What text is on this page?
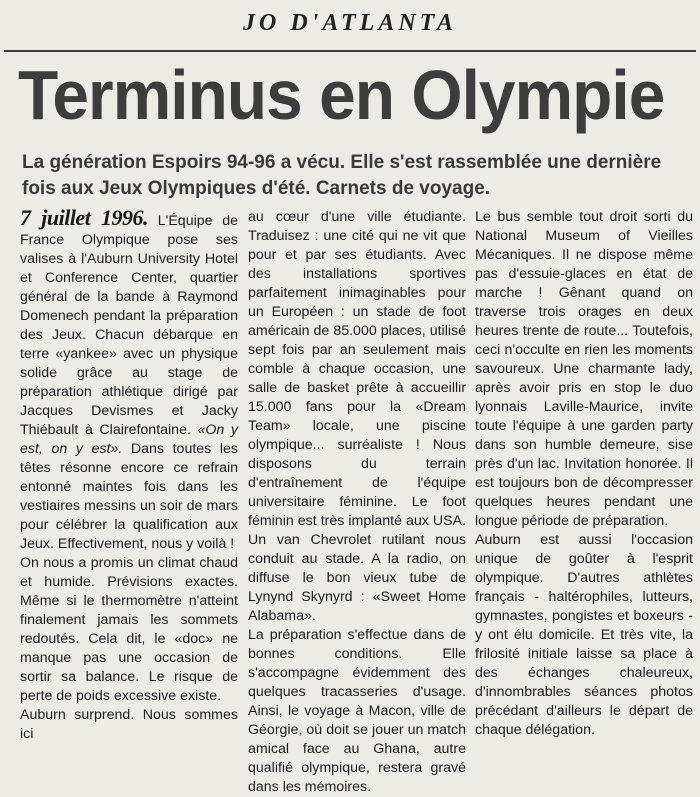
JO D'ATLANTA
Terminus en Olympie
La génération Espoirs 94-96 a vécu. Elle s'est rassemblée une dernière fois aux Jeux Olympiques d'été. Carnets de voyage.

7 juillet 1996. L'Équipe de France Olympique pose ses valises à l'Auburn University Hotel et Conference Center, quartier général de la bande à Raymond Domenech pendant la préparation des Jeux. Chacun débarque en terre «yankee» avec un physique solide grâce au stage de préparation athlétique dirigé par Jacques Devismes et Jacky Thiébault à Clairefontaine. «On y est, on y est». Dans toutes les têtes résonne encore ce refrain entonné maintes fois dans les vestiaires messins un soir de mars pour célébrer la qualification aux Jeux. Effectivement, nous y voilà !

On nous a promis un climat chaud et humide. Prévisions exactes. Même si le thermomètre n'atteint finalement jamais les sommets redoutés. Cela dit, le «doc» ne manque pas une occasion de sortir sa balance. Le risque de perte de poids excessive existe.

Auburn surprend. Nous sommes ici

au cœur d'une ville étudiante. Traduisez : une cité qui ne vit que pour et par ses étudiants. Avec des installations sportives parfaitement inimaginables pour un Européen : un stade de foot américain de 85.000 places, utilisé sept fois par an seulement mais comble à chaque occasion, une salle de basket prête à accueillir 15.000 fans pour la «Dream Team» locale, une piscine olympique... surréaliste ! Nous disposons du terrain d'entraînement de l'équipe universitaire féminine. Le foot féminin est très implanté aux USA. Un van Chevrolet rutilant nous conduit au stade. A la radio, on diffuse le bon vieux tube de Lynynd Skynyrd : «Sweet Home Alabama».

La préparation s'effectue dans de bonnes conditions. Elle s'accompagne évidemment des quelques tracasseries d'usage. Ainsi, le voyage à Macon, ville de Géorgie, où doit se jouer un match amical face au Ghana, autre qualifié olympique, restera gravé dans les mémoires.

Le bus semble tout droit sorti du National Museum of Vieilles Mécaniques. Il ne dispose même pas d'essuie-glaces en état de marche ! Gênant quand on traverse trois orages en deux heures trente de route... Toutefois, ceci n'occulte en rien les moments savoureux. Une charmante lady, après avoir pris en stop le duo lyonnais Laville-Maurice, invite toute l'équipe à une garden party dans son humble demeure, sise près d'un lac. Invitation honorée. Il est toujours bon de décompresser quelques heures pendant une longue période de préparation.

Auburn est aussi l'occasion unique de goûter à l'esprit olympique. D'autres athlètes français - haltérophiles, lutteurs, gymnastes, pongistes et boxeurs - y ont élu domicile. Et très vite, la frilosité initiale laisse sa place à des échanges chaleureux, d'innombrables séances photos précédant d'ailleurs le départ de chaque délégation.
